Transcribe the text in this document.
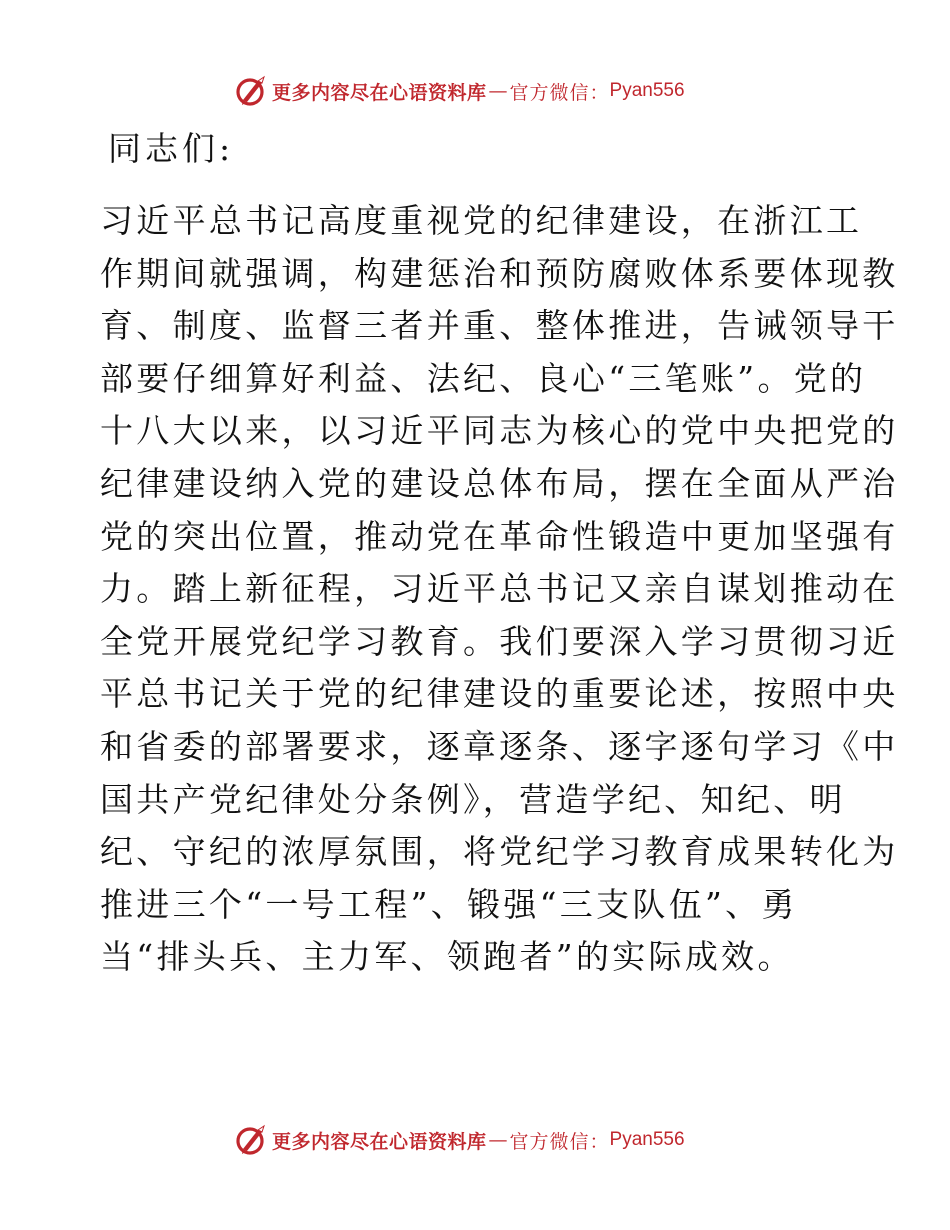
更多内容尽在心语资料库 — 官方微信： Pyan556
同志们:

习近平总书记高度重视党的纪律建设，在浙江工
作期间就强调，构建惩治和预防腐败体系要体现教
育、制度、监督三者并重、整体推进，告诫领导干
部要仔细算好利益、法纪、良心“三笔账”。党的
十八大以来，以习近平同志为核心的党中央把党的
纪律建设纳入党的建设总体布局，摆在全面从严治
党的突出位置，推动党在革命性锻造中更加坚强有
力。踏上新征程，习近平总书记又亲自谋划推动在
全党开展党纪学习教育。我们要深入学习贯彻习近
平总书记关于党的纪律建设的重要论述，按照中央
和省委的部署要求，逐章逐条、逐字逐句学习《中
国共产党纪律处分条例》，营造学纪、知纪、明
纪、守纪的浓厚氛围，将党纪学习教育成果转化为
推进三个“一号工程”、锻强“三支队伍”、勇
当“排头兵、主力军、领跑者”的实际成效。

更多内容尽在心语资料库 — 官方微信： Pyan556
